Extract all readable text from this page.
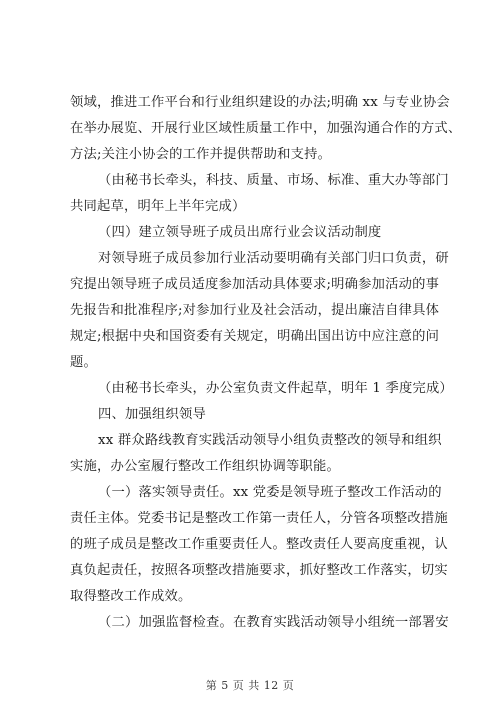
领域，推进工作平台和行业组织建设的办法;明确 xx 与专业协会
在举办展览、开展行业区域性质量工作中，加强沟通合作的方式、
方法;关注小协会的工作并提供帮助和支持。
（由秘书长牵头，科技、质量、市场、标准、重大办等部门
共同起草，明年上半年完成）
（四）建立领导班子成员出席行业会议活动制度
对领导班子成员参加行业活动要明确有关部门归口负责，研
究提出领导班子成员适度参加活动具体要求;明确参加活动的事
先报告和批准程序;对参加行业及社会活动，提出廉洁自律具体
规定;根据中央和国资委有关规定，明确出国出访中应注意的问
题。
（由秘书长牵头，办公室负责文件起草，明年 1 季度完成）
四、加强组织领导
xx 群众路线教育实践活动领导小组负责整改的领导和组织
实施，办公室履行整改工作组织协调等职能。
（一）落实领导责任。xx 党委是领导班子整改工作活动的
责任主体。党委书记是整改工作第一责任人，分管各项整改措施
的班子成员是整改工作重要责任人。整改责任人要高度重视，认
真负起责任，按照各项整改措施要求，抓好整改工作落实，切实
取得整改工作成效。
（二）加强监督检查。在教育实践活动领导小组统一部署安
第 5 页 共 12 页
